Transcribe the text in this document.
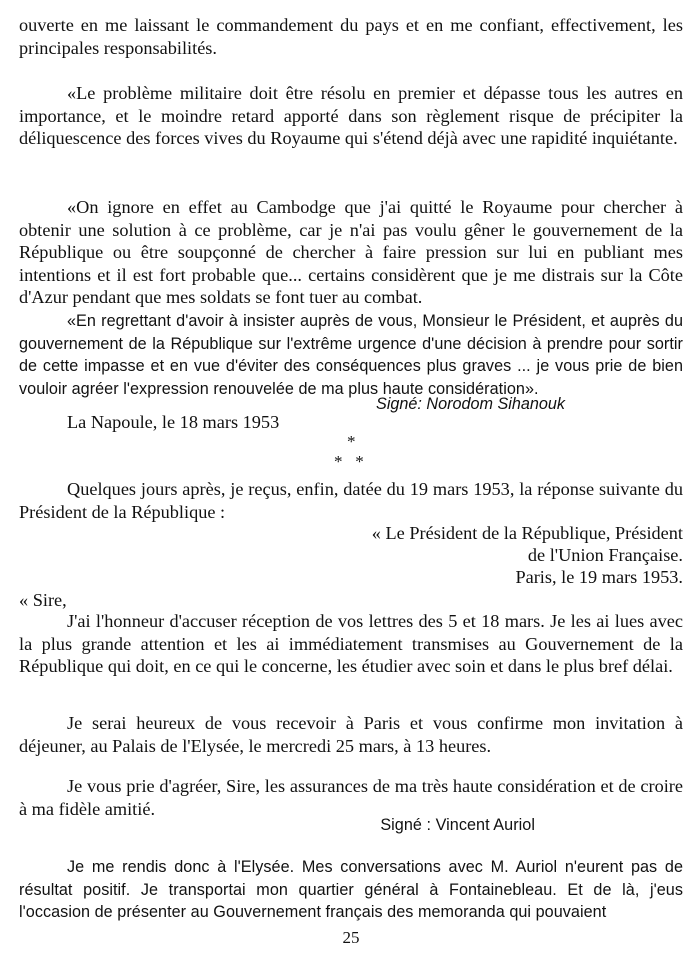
ouverte en me laissant le commandement du pays et en me confiant, effectivement, les principales responsabilités.

«Le problème militaire doit être résolu en premier et dépasse tous les autres en importance, et le moindre retard apporté dans son règlement risque de précipiter la déliquescence des forces vives du Royaume qui s'étend déjà avec une rapidité inquiétante.

«On ignore en effet au Cambodge que j'ai quitté le Royaume pour chercher à obtenir une solution à ce problème, car je n'ai pas voulu gêner le gouvernement de la République ou être soupçonné de chercher à faire pression sur lui en publiant mes intentions et il est fort probable que... certains considèrent que je me distrais sur la Côte d'Azur pendant que mes soldats se font tuer au combat.

«En regrettant d'avoir à insister auprès de vous, Monsieur le Président, et auprès du gouvernement de la République sur l'extrême urgence d'une décision à prendre pour sortir de cette impasse et en vue d'éviter des conséquences plus graves ... je vous prie de bien vouloir agréer l'expression renouvelée de ma plus haute considération».

Signé: Norodom Sihanouk
La Napoule, le 18 mars 1953
*
*   *

Quelques jours après, je reçus, enfin, datée du 19 mars 1953, la réponse suivante du Président de la République :

« Le Président de la République, Président
de l'Union Française.
Paris, le 19 mars 1953.
« Sire,

J'ai l'honneur d'accuser réception de vos lettres des 5 et 18 mars. Je les ai lues avec la plus grande attention et les ai immédiatement transmises au Gouvernement de la République qui doit, en ce qui le concerne, les étudier avec soin et dans le plus bref délai.

Je serai heureux de vous recevoir à Paris et vous confirme mon invitation à déjeuner, au Palais de l'Elysée, le mercredi 25 mars, à 13 heures.

Je vous prie d'agréer, Sire, les assurances de ma très haute considération et de croire à ma fidèle amitié.

Signé : Vincent Auriol

Je me rendis donc à l'Elysée. Mes conversations avec M. Auriol n'eurent pas de résultat positif. Je transportai mon quartier général à Fontainebleau. Et de là, j'eus l'occasion de présenter au Gouvernement français des memoranda qui pouvaient

25
